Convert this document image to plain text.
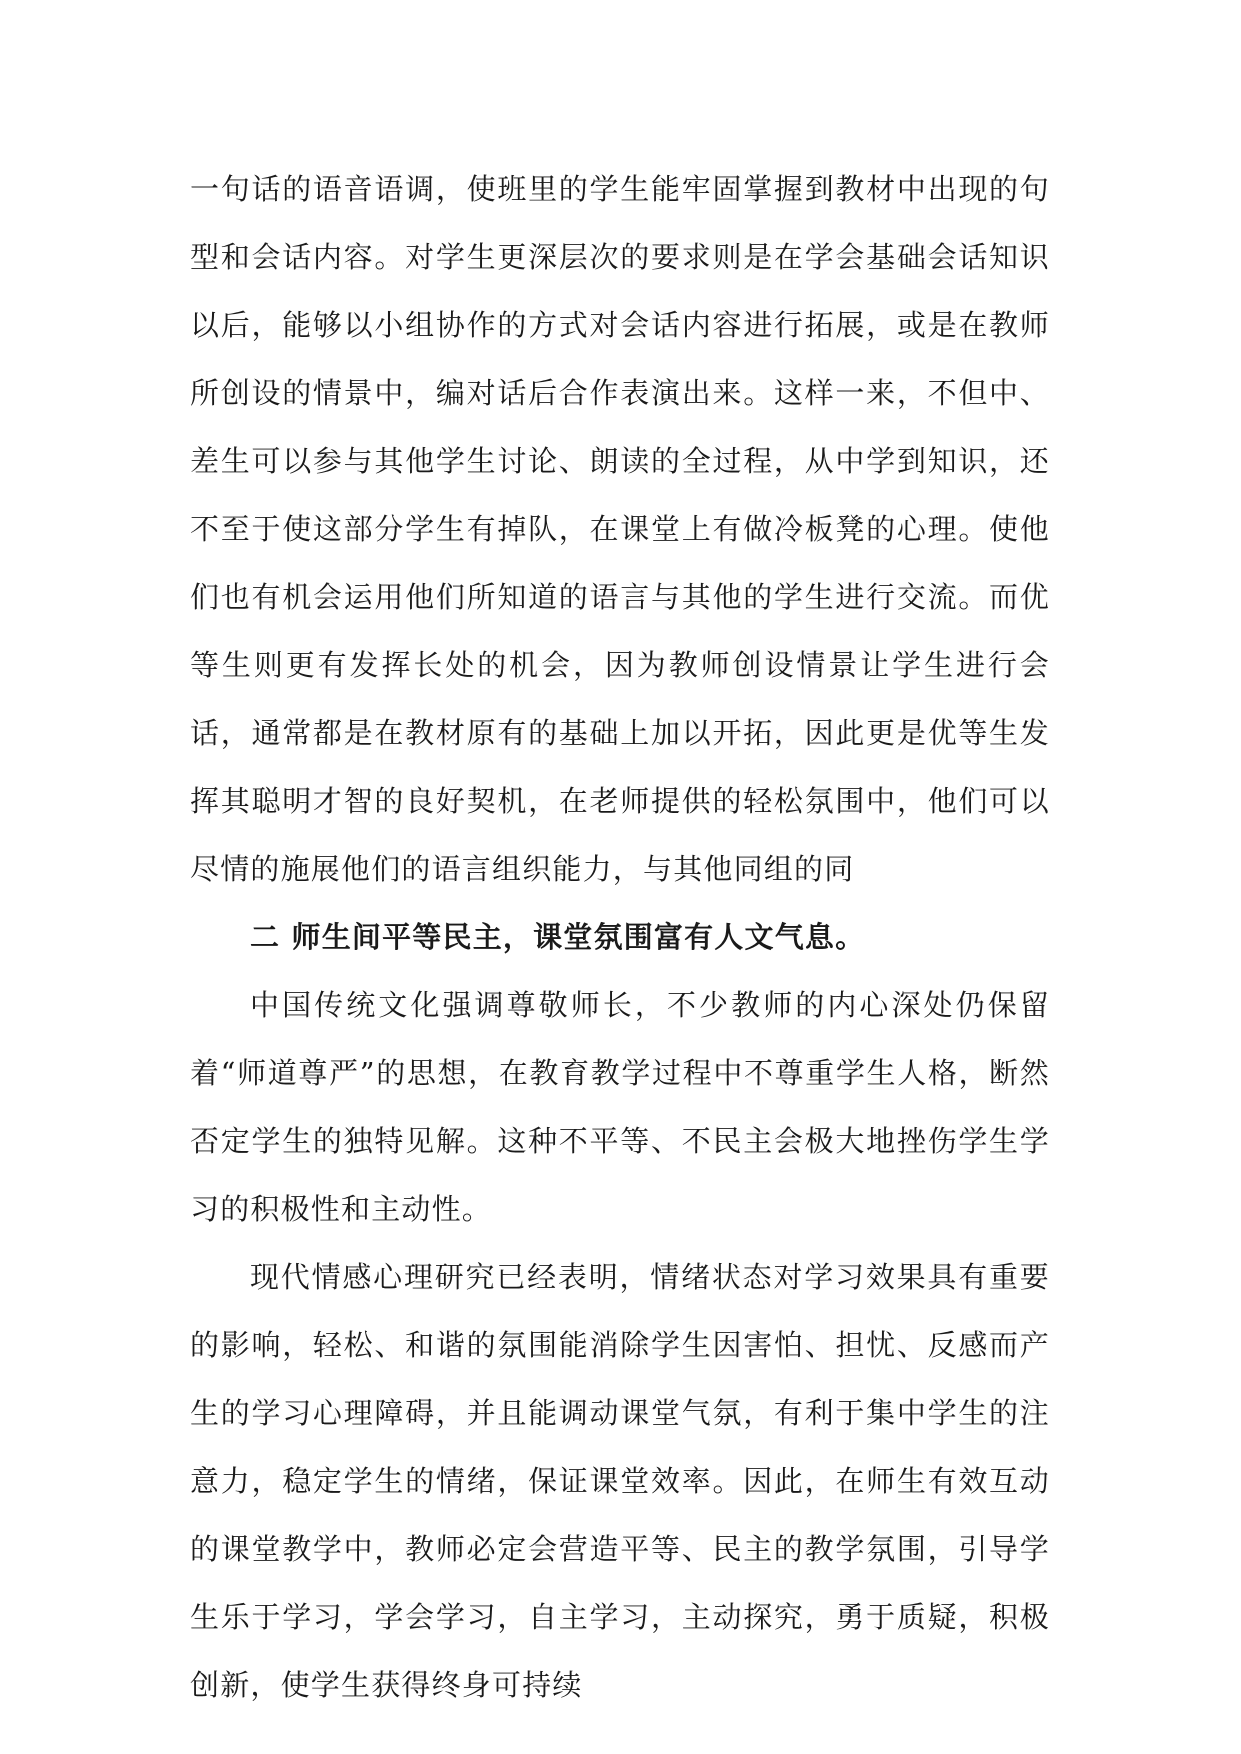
一句话的语音语调，使班里的学生能牢固掌握到教材中出现的句型和会话内容。对学生更深层次的要求则是在学会基础会话知识以后，能够以小组协作的方式对会话内容进行拓展，或是在教师所创设的情景中，编对话后合作表演出来。这样一来，不但中、差生可以参与其他学生讨论、朗读的全过程，从中学到知识，还不至于使这部分学生有掉队，在课堂上有做冷板凳的心理。使他们也有机会运用他们所知道的语言与其他的学生进行交流。而优等生则更有发挥长处的机会，因为教师创设情景让学生进行会话，通常都是在教材原有的基础上加以开拓，因此更是优等生发挥其聪明才智的良好契机，在老师提供的轻松氛围中，他们可以尽情的施展他们的语言组织能力，与其他同组的同

二 师生间平等民主，课堂氛围富有人文气息。

中国传统文化强调尊敬师长，不少教师的内心深处仍保留着“师道尊严”的思想，在教育教学过程中不尊重学生人格，断然否定学生的独特见解。这种不平等、不民主会极大地挫伤学生学习的积极性和主动性。

现代情感心理研究已经表明，情绪状态对学习效果具有重要的影响，轻松、和谐的氛围能消除学生因害怕、担忧、反感而产生的学习心理障碍，并且能调动课堂气氛，有利于集中学生的注意力，稳定学生的情绪，保证课堂效率。因此，在师生有效互动的课堂教学中，教师必定会营造平等、民主的教学氛围，引导学生乐于学习，学会学习，自主学习，主动探究，勇于质疑，积极创新，使学生获得终身可持续
